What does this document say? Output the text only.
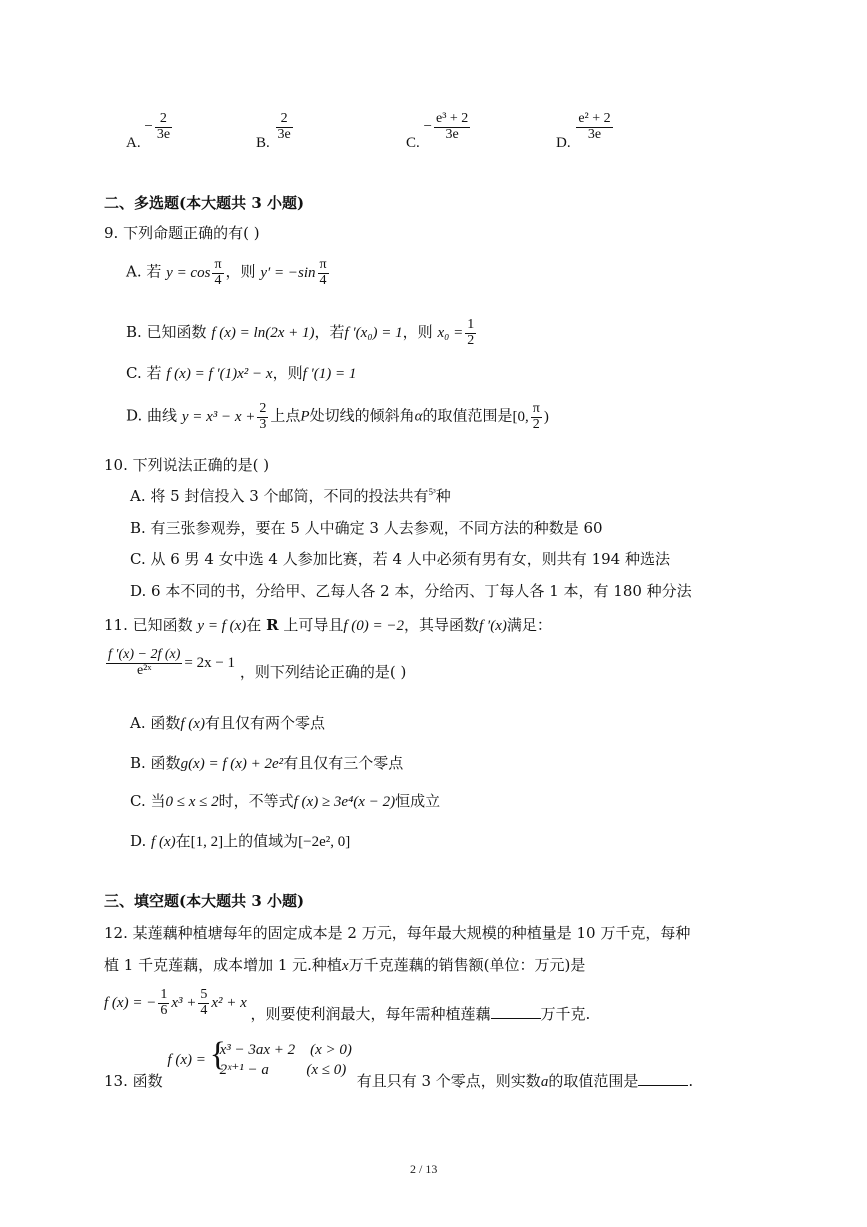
A. − $\frac{2}{3e}$
B.
$\frac{2}{3e}$
C. − $\frac{\text{e³ + 2}}{3e}$
D.
$\frac{\text{e² + 2}}{3e}$
二、多选题(本大题共 3 小题)
9. 下列命题正确的有( )
A. 若 $y = \cos \frac{\pi}{4}$ ，则 $y' = -\sin \frac{\pi}{4}$
B. 已知函数 f (x) = ln(2x + 1)，若f ′(x₀) = 1，则 $x_0 = \frac{1}{2}$
C. 若 f (x) = f ′(1)x² − x，则f ′(1) = 1
D. 曲线 $y = x^3 - x + \frac{2}{3}$ 上点P处切线的倾斜角α的取值范围是[0, $\frac{\pi}{2}$ )
10. 下列说法正确的是( )
A. 将 5 封信投入 3 个邮筒，不同的投法共有$^{5^3}$种
B. 有三张参观券，要在 5 人中确定 3 人去参观，不同方法的种数是 60
C. 从 6 男 4 女中选 4 人参加比赛，若 4 人中必须有男有女，则共有 194 种选法
D. 6 本不同的书，分给甲、乙每人各 2 本，分给丙、丁每人各 1 本，有 180 种分法
11. 已知函数 y = f (x)在 R 上可导且f (0) = −2，其导函数f ′(x)满足：
$\frac{f '(x) - 2f (x)}{\text{e²ˣ}} = 2x - 1$ ，则下列结论正确的是( )
A. 函数f (x)有且仅有两个零点
B. 函数g(x) = f (x) + 2e²有且仅有三个零点
C. 当0 ≤ x ≤ 2时，不等式f (x) ≥ 3e⁴(x − 2)恒成立
D. f (x)在[1, 2]上的值域为[−2e², 0]
三、填空题(本大题共 3 小题)
12. 某莲藕种植塘每年的固定成本是 2 万元，每年最大规模的种植量是 10 万千克，每种
植 1 千克莲藕，成本增加 1 元.种植x万千克莲藕的销售额(单位：万元)是
f (x) = − $\frac{1}{6} x^3 + \frac{5}{4} x^2 + x$ ，则要使利润最大，每年需种植莲藕	万千克.
13. 函数 f (x) = {
x³ − 3ax + 2 (x > 0)
2ˣ⁺¹ − a	(x ≤ 0)
有且只有 3 个零点，则实数a的取值范围是	.
2 / 13
